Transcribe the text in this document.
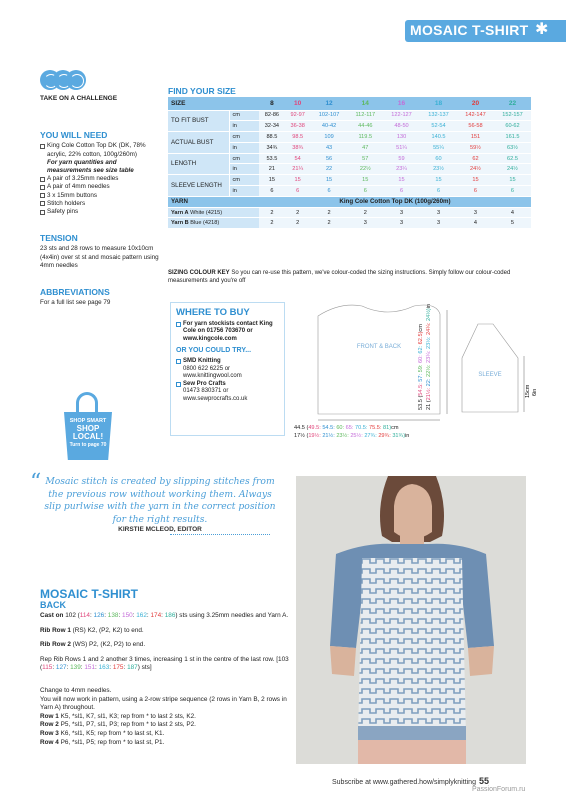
MOSAIC T-SHIRT ✱
TAKE ON A CHALLENGE
YOU WILL NEED
King Cole Cotton Top DK (DK, 78% acrylic, 22% cotton, 100g/260m)
For yarn quantities and measurements see size table
A pair of 3.25mm needles
A pair of 4mm needles
3 x 15mm buttons
Stitch holders
Safety pins
TENSION
23 sts and 28 rows to measure 10x10cm (4x4in) over st st and mosaic pattern using 4mm needles
ABBREVIATIONS
For a full list see page 79
SHOP SMART
SHOP LOCAL!
Turn to page 70
FIND YOUR SIZE
SIZE		8	10	12	14	16	18	20	22
TO FIT BUST	cm	82-86	92-97	102-107	112-117	122-127	132-137	142-147	152-157
	in	32-34	36-38	40-42	44-46	48-50	52-54	56-58	60-62
ACTUAL BUST	cm	88.5	98.5	109	119.5	130	140.5	151	161.5
	in	34¾	38¾	43	47	51¼	55¼	59½	63½
LENGTH	cm	53.5	54	56	57	59	60	62	62.5
	in	21	21¼	22	22½	23¼	23½	24½	24½
SLEEVE LENGTH	cm	15	15	15	15	15	15	15	15
	in	6	6	6	6	6	6	6	6
YARN		King Cole Cotton Top DK (100g/260m)							
Yarn A White (4215)		2	2	2	2	3	3	3	4
Yarn B Blue (4218)		2	2	2	3	3	3	4	5
SIZING COLOUR KEY So you can re-use this pattern, we've colour-coded the sizing instructions. Simply follow our colour-coded measurements and you're off
WHERE TO BUY
For yarn stockists contact King Cole on 01756 703670 or www.kingcole.com
OR YOU COULD TRY...
SMD Knitting
0800 622 6225 or
www.knittingwool.com
Sew Pro Crafts
01473 830371 or
www.sewprocrafts.co.uk
FRONT & BACK
SLEEVE
44.5 (49.5: 54.5: 60: 65: 70.5: 75.5: 81)cm
17½ (19½: 21½: 23½: 25½: 27¾: 29¾: 31¾)in
53.5 (54.5: 57: 59: 60: 62: 62.5)cm
21 (21½: 22: 22½: 23¼: 23½: 24¼: 24½)in
15cm 6in
“ Mosaic stitch is created by slipping stitches from the previous row without working them. Always slip purlwise with the yarn in the correct position for the right results.
KIRSTIE MCLEOD, EDITOR
MOSAIC T-SHIRT
BACK

Cast on 102 (114: 126: 138: 150: 162: 174: 186) sts using 3.25mm needles and Yarn A.

Rib Row 1 (RS) K2, (P2, K2) to end.

Rib Row 2 (WS) P2, (K2, P2) to end.

Rep Rib Rows 1 and 2 another 3 times, increasing 1 st in the centre of the last row. [103 (115: 127: 139: 151: 163: 175: 187) sts]

Change to 4mm needles.

You will now work in pattern, using a 2-row stripe sequence (2 rows in Yarn B, 2 rows in Yarn A) throughout.

Row 1 K5, *sl1, K7, sl1, K3; rep from * to last 2 sts, K2.
Row 2 P5, *sl1, P7, sl1, P3; rep from * to last 2 sts, P2.
Row 3 K6, *sl1, K5; rep from * to last st, K1.
Row 4 P6, *sl1, P5; rep from * to last st, P1.
Subscribe at www.gathered.how/simplyknitting 55
PassionForum.ru
